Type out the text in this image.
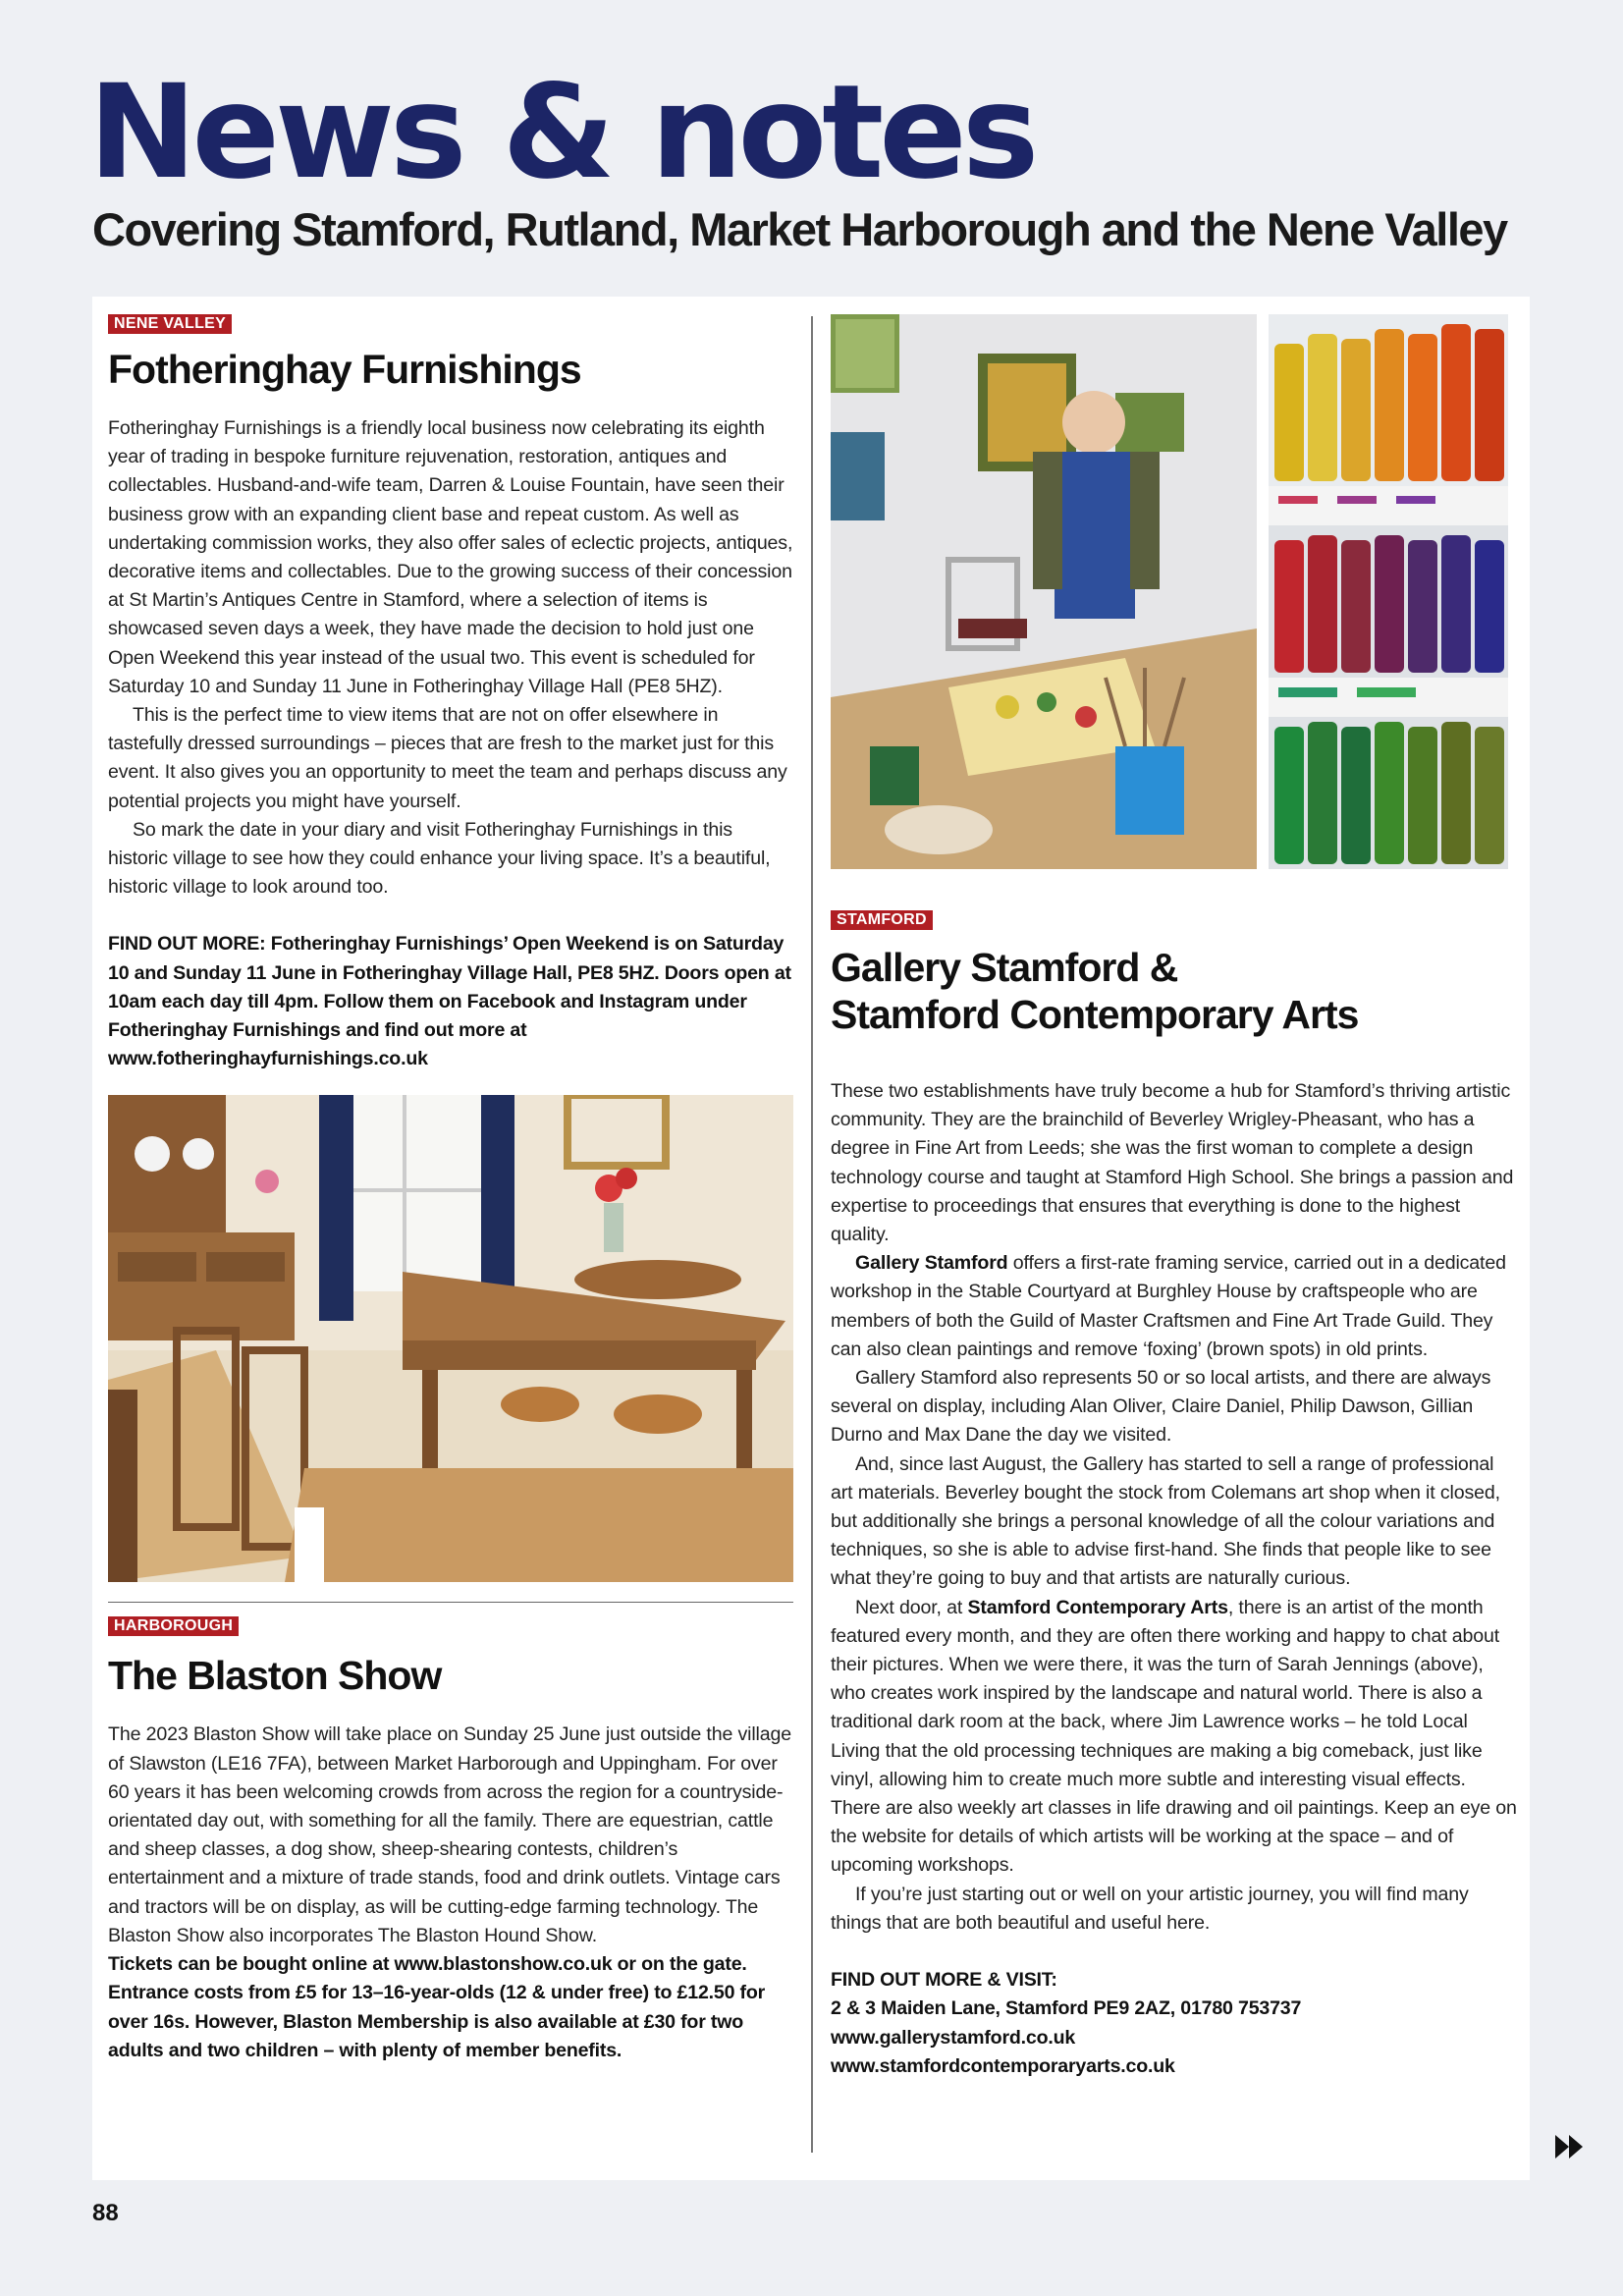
News & notes
Covering Stamford, Rutland, Market Harborough and the Nene Valley
NENE VALLEY
Fotheringhay Furnishings

Fotheringhay Furnishings is a friendly local business now celebrating its eighth year of trading in bespoke furniture rejuvenation, restoration, antiques and collectables. Husband-and-wife team, Darren & Louise Fountain, have seen their business grow with an expanding client base and repeat custom. As well as undertaking commission works, they also offer sales of eclectic projects, antiques, decorative items and collectables. Due to the growing success of their concession at St Martin’s Antiques Centre in Stamford, where a selection of items is showcased seven days a week, they have made the decision to hold just one Open Weekend this year instead of the usual two. This event is scheduled for Saturday 10 and Sunday 11 June in Fotheringhay Village Hall (PE8 5HZ).

This is the perfect time to view items that are not on offer elsewhere in tastefully dressed surroundings – pieces that are fresh to the market just for this event. It also gives you an opportunity to meet the team and perhaps discuss any potential projects you might have yourself.

So mark the date in your diary and visit Fotheringhay Furnishings in this historic village to see how they could enhance your living space. It’s a beautiful, historic village to look around too.

FIND OUT MORE: Fotheringhay Furnishings’ Open Weekend is on Saturday 10 and Sunday 11 June in Fotheringhay Village Hall, PE8 5HZ. Doors open at 10am each day till 4pm. Follow them on Facebook and Instagram under Fotheringhay Furnishings and find out more at www.fotheringhayfurnishings.co.uk
HARBOROUGH
The Blaston Show

The 2023 Blaston Show will take place on Sunday 25 June just outside the village of Slawston (LE16 7FA), between Market Harborough and Uppingham. For over 60 years it has been welcoming crowds from across the region for a countryside-orientated day out, with something for all the family. There are equestrian, cattle and sheep classes, a dog show, sheep-shearing contests, children’s entertainment and a mixture of trade stands, food and drink outlets. Vintage cars and tractors will be on display, as will be cutting-edge farming technology. The Blaston Show also incorporates The Blaston Hound Show.

Tickets can be bought online at www.blastonshow.co.uk or on the gate. Entrance costs from £5 for 13–16-year-olds (12 & under free) to £12.50 for over 16s. However, Blaston Membership is also available at £30 for two adults and two children – with plenty of member benefits.
STAMFORD
Gallery Stamford &
Stamford Contemporary Arts

These two establishments have truly become a hub for Stamford’s thriving artistic community. They are the brainchild of Beverley Wrigley-Pheasant, who has a degree in Fine Art from Leeds; she was the first woman to complete a design technology course and taught at Stamford High School. She brings a passion and expertise to proceedings that ensures that everything is done to the highest quality.

Gallery Stamford offers a first-rate framing service, carried out in a dedicated workshop in the Stable Courtyard at Burghley House by craftspeople who are members of both the Guild of Master Craftsmen and Fine Art Trade Guild. They can also clean paintings and remove ‘foxing’ (brown spots) in old prints.

Gallery Stamford also represents 50 or so local artists, and there are always several on display, including Alan Oliver, Claire Daniel, Philip Dawson, Gillian Durno and Max Dane the day we visited.

And, since last August, the Gallery has started to sell a range of professional art materials. Beverley bought the stock from Colemans art shop when it closed, but additionally she brings a personal knowledge of all the colour variations and techniques, so she is able to advise first-hand. She finds that people like to see what they’re going to buy and that artists are naturally curious.

Next door, at Stamford Contemporary Arts, there is an artist of the month featured every month, and they are often there working and happy to chat about their pictures. When we were there, it was the turn of Sarah Jennings (above), who creates work inspired by the landscape and natural world. There is also a traditional dark room at the back, where Jim Lawrence works – he told Local Living that the old processing techniques are making a big comeback, just like vinyl, allowing him to create much more subtle and interesting visual effects. There are also weekly art classes in life drawing and oil paintings. Keep an eye on the website for details of which artists will be working at the space – and of upcoming workshops.

If you’re just starting out or well on your artistic journey, you will find many things that are both beautiful and useful here.

FIND OUT MORE & VISIT:
2 & 3 Maiden Lane, Stamford PE9 2AZ, 01780 753737
www.gallerystamford.co.uk
www.stamfordcontemporaryarts.co.uk
88
